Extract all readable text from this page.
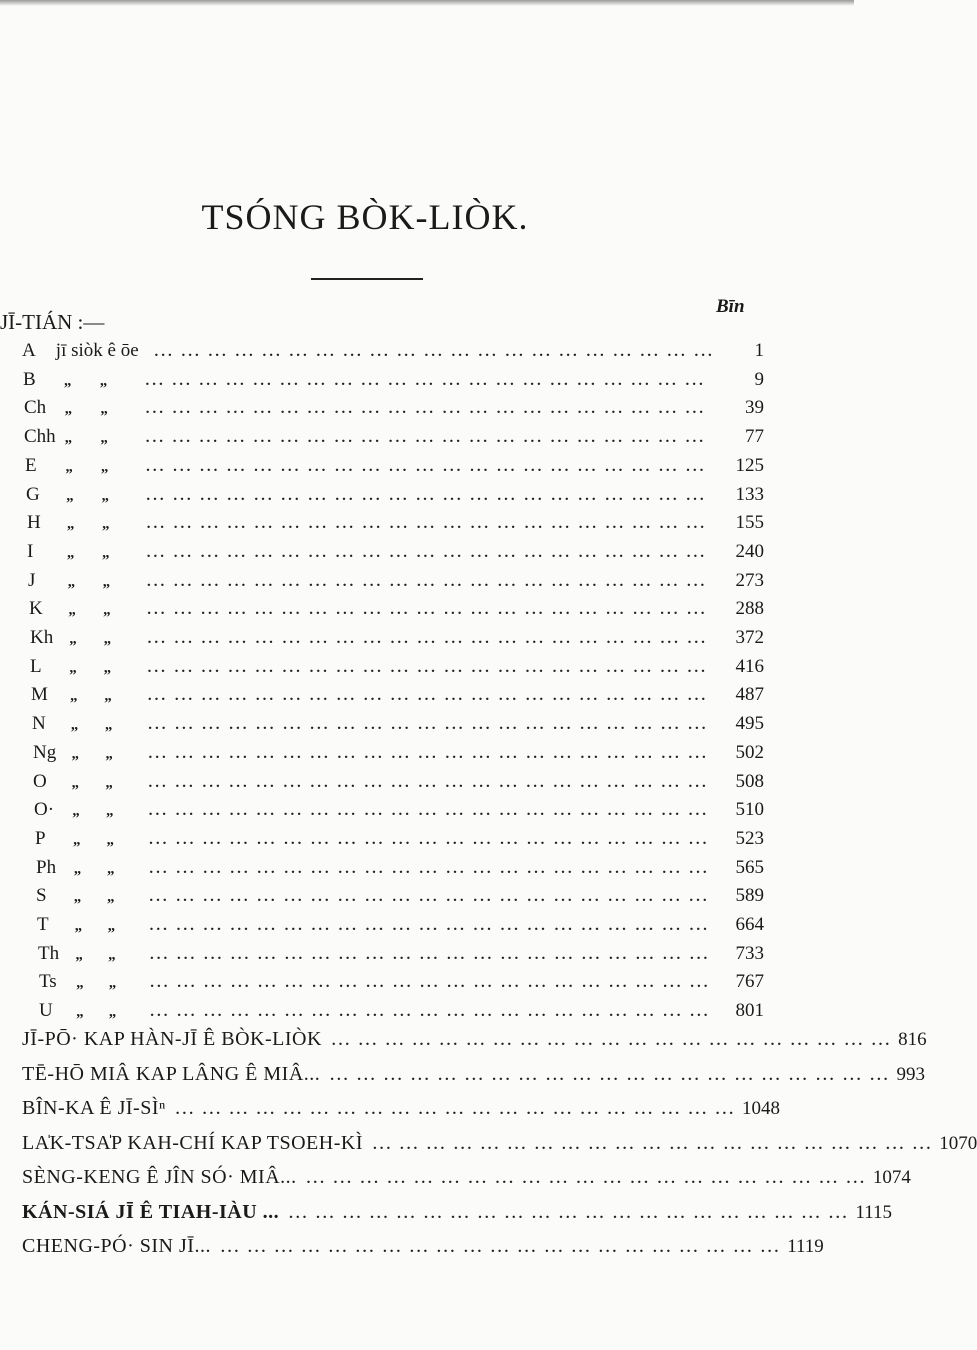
TSÓNG BÒK-LIÒK.
Bīn
JĪ-TIÁN :—
A	jī siòk ê ōe	... ... ... ... ... ... ... ... ... ... ... ... ... ... ... ... ... ... ... ... ...	1
B	„	„	... ... ... ... ... ... ... ... ... ... ... ... ... ... ... ... ... ... ... ... ...	9
Ch	„	„	... ... ... ... ... ... ... ... ... ... ... ... ... ... ... ... ... ... ... ... ...	39
Chh „	„	... ... ... ... ... ... ... ... ... ... ... ... ... ... ... ... ... ... ... ... ...	77
E	„	„	... ... ... ... ... ... ... ... ... ... ... ... ... ... ... ... ... ... ... ... ...	125
G	„	„	... ... ... ... ... ... ... ... ... ... ... ... ... ... ... ... ... ... ... ... ...	133
H	„	„	... ... ... ... ... ... ... ... ... ... ... ... ... ... ... ... ... ... ... ... ...	155
I	„	„	... ... ... ... ... ... ... ... ... ... ... ... ... ... ... ... ... ... ... ... ...	240
J	„	„	... ... ... ... ... ... ... ... ... ... ... ... ... ... ... ... ... ... ... ... ...	273
K	„	„	... ... ... ... ... ... ... ... ... ... ... ... ... ... ... ... ... ... ... ... ...	288
Kh	„	„	... ... ... ... ... ... ... ... ... ... ... ... ... ... ... ... ... ... ... ... ...	372
L	„	„	... ... ... ... ... ... ... ... ... ... ... ... ... ... ... ... ... ... ... ... ...	416
M	„	„	... ... ... ... ... ... ... ... ... ... ... ... ... ... ... ... ... ... ... ... ...	487
N	„	„	... ... ... ... ... ... ... ... ... ... ... ... ... ... ... ... ... ... ... ... ...	495
Ng	„	„	... ... ... ... ... ... ... ... ... ... ... ... ... ... ... ... ... ... ... ... ...	502
O	„	„	... ... ... ... ... ... ... ... ... ... ... ... ... ... ... ... ... ... ... ... ...	508
O·	„	„	... ... ... ... ... ... ... ... ... ... ... ... ... ... ... ... ... ... ... ... ...	510
P	„	„	... ... ... ... ... ... ... ... ... ... ... ... ... ... ... ... ... ... ... ... ...	523
Ph	„	„	... ... ... ... ... ... ... ... ... ... ... ... ... ... ... ... ... ... ... ... ...	565
S	„	„	... ... ... ... ... ... ... ... ... ... ... ... ... ... ... ... ... ... ... ... ...	589
T	„	„	... ... ... ... ... ... ... ... ... ... ... ... ... ... ... ... ... ... ... ... ...	664
Th	„	„	... ... ... ... ... ... ... ... ... ... ... ... ... ... ... ... ... ... ... ... ...	733
Ts	„	„	... ... ... ... ... ... ... ... ... ... ... ... ... ... ... ... ... ... ... ... ...	767
U	„	„	... ... ... ... ... ... ... ... ... ... ... ... ... ... ... ... ... ... ... ... ...	801
JĪ-PŌ· KAP HÀN-JĪ Ê BÒK-LIÒK ... ... ... ... ... ... ... ... ... ... ... ... ... ... ... ... ... ... ... ... ... 816
TĒ-HŌ MIÂ KAP LÂNG Ê MIÂ... ... ... ... ... ... ... ... ... ... ... ... ... ... ... ... ... ... ... ... ... ... 993
BÎN-KA Ê JĪ-SÌⁿ ... ... ... ... ... ... ... ... ... ... ... ... ... ... ... ... ... ... ... ... ... 1048
LA̍K-TSA̍P KAH-CHÍ KAP TSOEH-KÌ ... ... ... ... ... ... ... ... ... ... ... ... ... ... ... ... ... ... ... ... ... 1070
SÈNG-KENG Ê JÎN SÓ· MIÂ... ... ... ... ... ... ... ... ... ... ... ... ... ... ... ... ... ... ... ... ... ... 1074
KÁN-SIÁ JĪ Ê TIAH-IÀU ... ... ... ... ... ... ... ... ... ... ... ... ... ... ... ... ... ... ... ... ... ... 1115
CHENG-PÓ· SIN JĪ... ... ... ... ... ... ... ... ... ... ... ... ... ... ... ... ... ... ... ... ... ... 1119
